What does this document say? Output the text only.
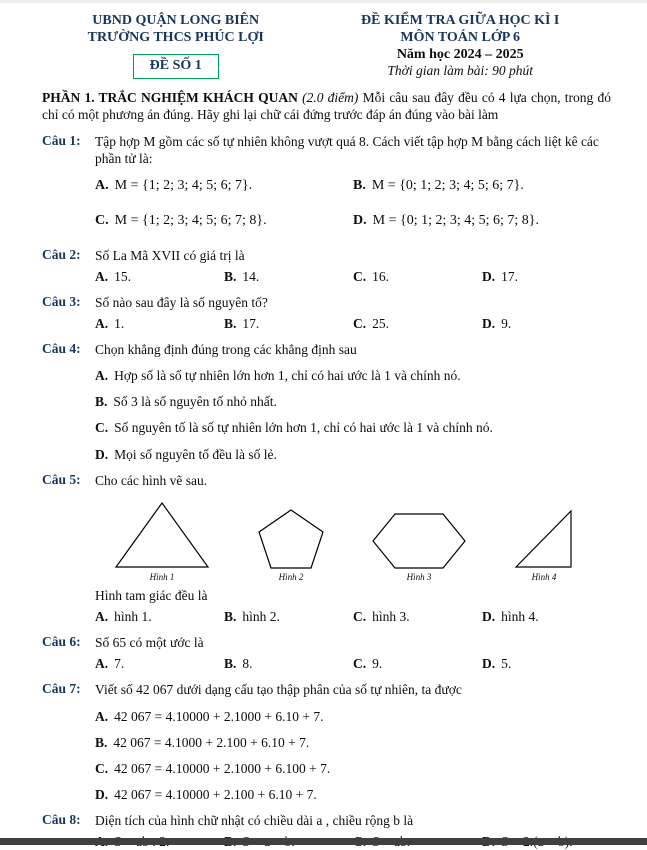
UBND QUẬN LONG BIÊN
TRƯỜNG THCS PHÚC LỢI
ĐỀ SỐ 1
ĐỀ KIỂM TRA GIỮA HỌC KÌ I
MÔN TOÁN LỚP 6
Năm học 2024 – 2025
Thời gian làm bài: 90 phút
PHẦN 1. TRẮC NGHIỆM KHÁCH QUAN (2.0 điểm) Mỗi câu sau đây đều có 4 lựa chọn, trong đó chỉ có một phương án đúng. Hãy ghi lại chữ cái đứng trước đáp án đúng vào bài làm
Câu 1:	Tập hợp M gồm các số tự nhiên không vượt quá 8. Cách viết tập hợp M bằng cách liệt kê các phần tử là:
A. M = {1; 2; 3; 4; 5; 6; 7}.	B. M = {0; 1; 2; 3; 4; 5; 6; 7}.
C. M = {1; 2; 3; 4; 5; 6; 7; 8}.	D. M = {0; 1; 2; 3; 4; 5; 6; 7; 8}.
Câu 2:	Số La Mã XVII có giá trị là
A. 15.	B. 14.	C. 16.	D. 17.
Câu 3:	Số nào sau đây là số nguyên tố?
A. 1.	B. 17.	C. 25.	D. 9.
Câu 4:	Chọn khẳng định đúng trong các khẳng định sau
A. Hợp số là số tự nhiên lớn hơn 1, chỉ có hai ước là 1 và chính nó.
B. Số 3 là số nguyên tố nhỏ nhất.
C. Số nguyên tố là số tự nhiên lớn hơn 1, chỉ có hai ước là 1 và chính nó.
D. Mọi số nguyên tố đều là số lẻ.
Câu 5:	Cho các hình vẽ sau.
Hình 1	Hình 2	Hình 3	Hình 4
Hình tam giác đều là
A. hình 1.	B. hình 2.	C. hình 3.	D. hình 4.
Câu 6:	Số 65 có một ước là
A. 7.	B. 8.	C. 9.	D. 5.
Câu 7:	Viết số 42 067 dưới dạng cấu tạo thập phân của số tự nhiên, ta được
A. 42 067 = 4.10000 + 2.1000 + 6.10 + 7.
B. 42 067 = 4.1000 + 2.100 + 6.10 + 7.
C. 42 067 = 4.10000 + 2.1000 + 6.100 + 7.
D. 42 067 = 4.10000 + 2.100 + 6.10 + 7.
Câu 8:	Diện tích của hình chữ nhật có chiều dài a , chiều rộng b là
